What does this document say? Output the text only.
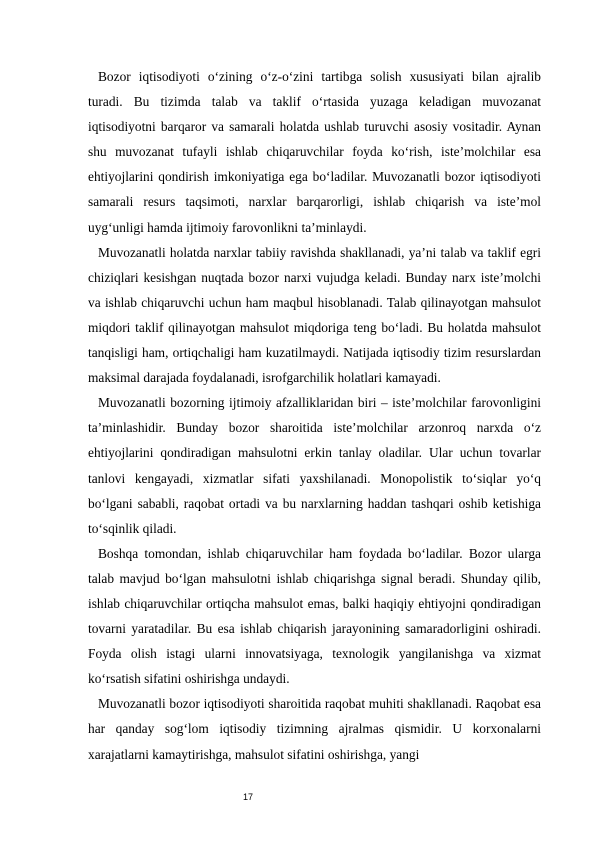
Bozor iqtisodiyoti o‘zining o‘z-o‘zini tartibga solish xususiyati bilan ajralib turadi. Bu tizimda talab va taklif o‘rtasida yuzaga keladigan muvozanat iqtisodiyotni barqaror va samarali holatda ushlab turuvchi asosiy vositadir. Aynan shu muvozanat tufayli ishlab chiqaruvchilar foyda ko‘rish, iste’molchilar esa ehtiyojlarini qondirish imkoniyatiga ega bo‘ladilar. Muvozanatli bozor iqtisodiyoti samarali resurs taqsimoti, narxlar barqarorligi, ishlab chiqarish va iste’mol uyg‘unligi hamda ijtimoiy farovonlikni ta’minlaydi.

Muvozanatli holatda narxlar tabiiy ravishda shakllanadi, ya’ni talab va taklif egri chiziqlari kesishgan nuqtada bozor narxi vujudga keladi. Bunday narx iste’molchi va ishlab chiqaruvchi uchun ham maqbul hisoblanadi. Talab qilinayotgan mahsulot miqdori taklif qilinayotgan mahsulot miqdoriga teng bo‘ladi. Bu holatda mahsulot tanqisligi ham, ortiqchaligi ham kuzatilmaydi. Natijada iqtisodiy tizim resurslardan maksimal darajada foydalanadi, isrofgarchilik holatlari kamayadi.

Muvozanatli bozorning ijtimoiy afzalliklaridan biri – iste’molchilar farovonligini ta’minlashidir. Bunday bozor sharoitida iste’molchilar arzonroq narxda o‘z ehtiyojlarini qondiradigan mahsulotni erkin tanlay oladilar. Ular uchun tovarlar tanlovi kengayadi, xizmatlar sifati yaxshilanadi. Monopolistik to‘siqlar yo‘q bo‘lgani sababli, raqobat ortadi va bu narxlarning haddan tashqari oshib ketishiga to‘sqinlik qiladi.

Boshqa tomondan, ishlab chiqaruvchilar ham foydada bo‘ladilar. Bozor ularga talab mavjud bo‘lgan mahsulotni ishlab chiqarishga signal beradi. Shunday qilib, ishlab chiqaruvchilar ortiqcha mahsulot emas, balki haqiqiy ehtiyojni qondiradigan tovarni yaratadilar. Bu esa ishlab chiqarish jarayonining samaradorligini oshiradi. Foyda olish istagi ularni innovatsiyaga, texnologik yangilanishga va xizmat ko‘rsatish sifatini oshirishga undaydi.

Muvozanatli bozor iqtisodiyoti sharoitida raqobat muhiti shakllanadi. Raqobat esa har qanday sog‘lom iqtisodiy tizimning ajralmas qismidir. U korxonalarni xarajatlarni kamaytirishga, mahsulot sifatini oshirishga, yangi

17
